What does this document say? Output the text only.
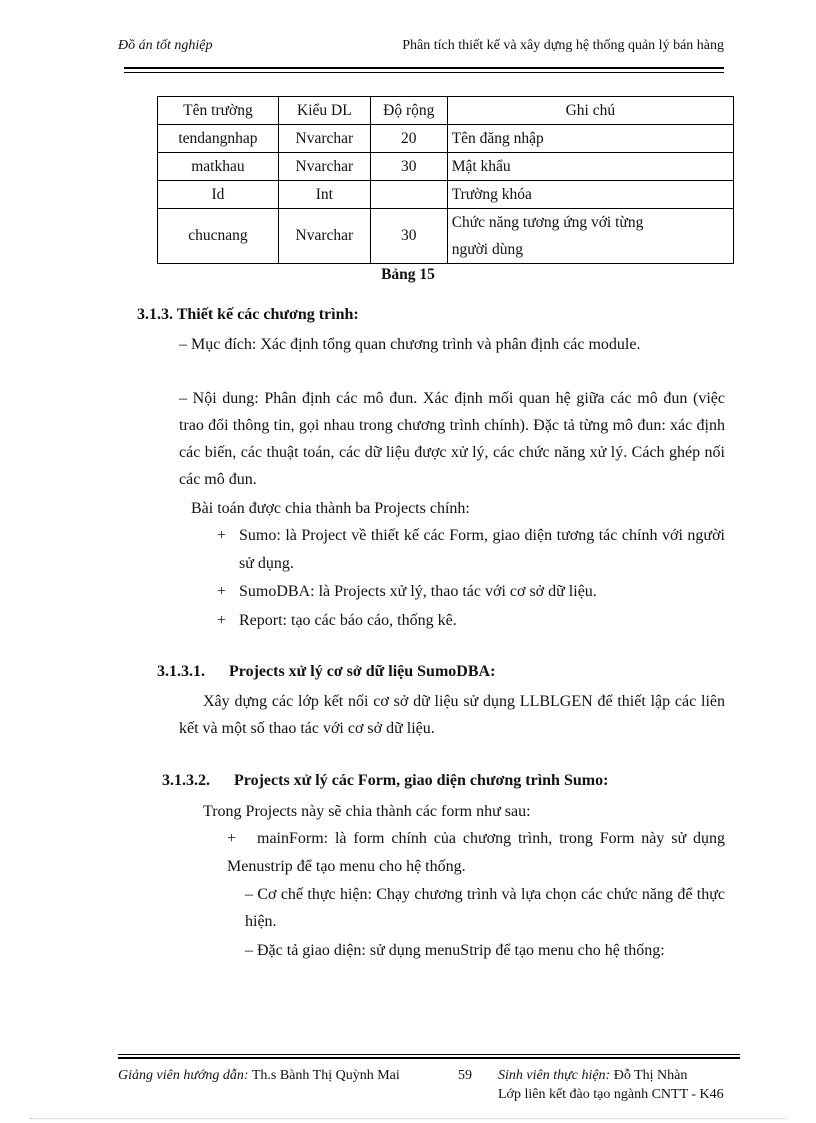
Đồ án tốt nghiệp	Phân tích thiết kế và xây dựng hệ thống quản lý bán hàng
Tên trường	Kiểu DL	Độ rộng	Ghi chú
tendangnhap	Nvarchar	20	Tên đăng nhập
matkhau	Nvarchar	30	Mật khẩu
Id	Int		Trường khóa
chucnang	Nvarchar	30	Chức năng tương ứng với từng
người dùng
Bảng 15
3.1.3. Thiết kế các chương trình:
– Mục đích: Xác định tổng quan chương trình và phân định các module.
– Nội dung: Phân định các mô đun. Xác định mối quan hệ giữa các mô đun (việc trao đổi thông tin, gọi nhau trong chương trình chính). Đặc tả từng mô đun: xác định các biến, các thuật toán, các dữ liệu được xử lý, các chức năng xử lý. Cách ghép nối các mô đun.
Bài toán được chia thành ba Projects chính:
+ Sumo: là Project về thiết kế các Form, giao diện tương tác chính với người sử dụng.
+ SumoDBA: là Projects xử lý, thao tác với cơ sở dữ liệu.
+ Report: tạo các báo cáo, thống kê.
3.1.3.1. Projects xử lý cơ sở dữ liệu SumoDBA:
Xây dựng các lớp kết nối cơ sở dữ liệu sử dụng LLBLGEN để thiết lập các liên kết và một số thao tác với cơ sở dữ liệu.
3.1.3.2. Projects xử lý các Form, giao diện chương trình Sumo:
Trong Projects này sẽ chia thành các form như sau:
+	mainForm: là form chính của chương trình, trong Form này sử dụng Menustrip để tạo menu cho hệ thống.
– Cơ chế thực hiện: Chạy chương trình và lựa chọn các chức năng để thực hiện.
– Đặc tả giao diện: sử dụng menuStrip để tạo menu cho hệ thống:
Giảng viên hướng dẫn: Th.s Bành Thị Quỳnh Mai	59 Sinh viên thực hiện: Đỗ Thị Nhàn
Lớp liên kết đào tạo ngành CNTT - K46
